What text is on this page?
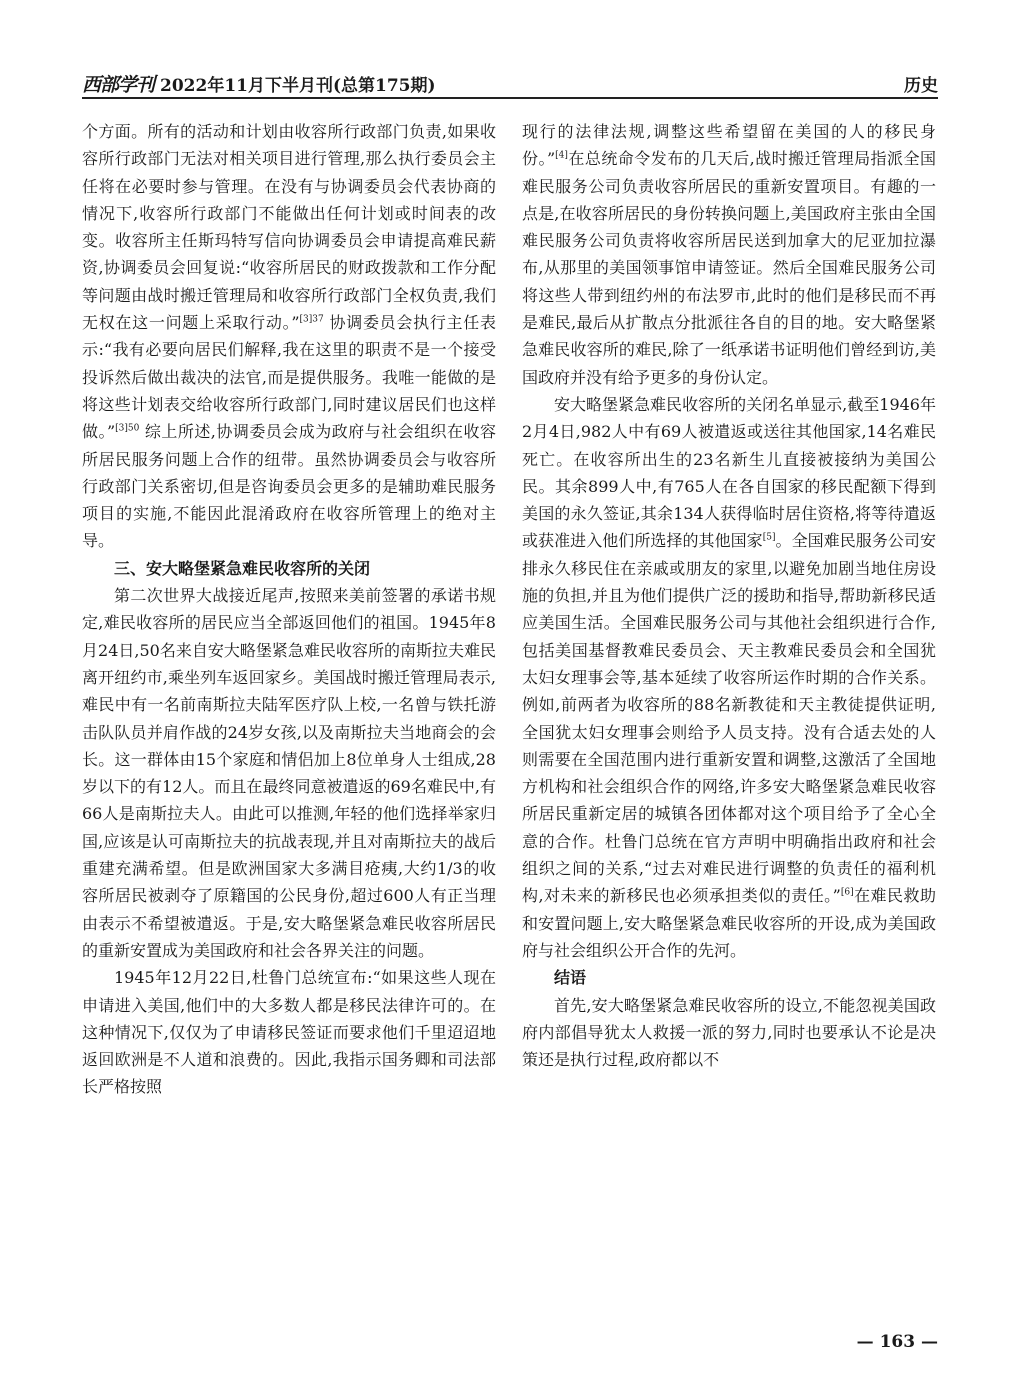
西部学刊 2022年11月下半月刊(总第175期)	历史

个方面。所有的活动和计划由收容所行政部门负责,如果收容所行政部门无法对相关项目进行管理,那么执行委员会主任将在必要时参与管理。在没有与协调委员会代表协商的情况下,收容所行政部门不能做出任何计划或时间表的改变。收容所主任斯玛特写信向协调委员会申请提高难民薪资,协调委员会回复说:“收容所居民的财政拨款和工作分配等问题由战时搬迁管理局和收容所行政部门全权负责,我们无权在这一问题上采取行动。”$^{[3]37}$ 协调委员会执行主任表示:“我有必要向居民们解释,我在这里的职责不是一个接受投诉然后做出裁决的法官,而是提供服务。我唯一能做的是将这些计划表交给收容所行政部门,同时建议居民们也这样做。”$^{[3]50}$ 综上所述,协调委员会成为政府与社会组织在收容所居民服务问题上合作的纽带。虽然协调委员会与收容所行政部门关系密切,但是咨询委员会更多的是辅助难民服务项目的实施,不能因此混淆政府在收容所管理上的绝对主导。

三、安大略堡紧急难民收容所的关闭

第二次世界大战接近尾声,按照来美前签署的承诺书规定,难民收容所的居民应当全部返回他们的祖国。1945年8月24日,50名来自安大略堡紧急难民收容所的南斯拉夫难民离开纽约市,乘坐列车返回家乡。美国战时搬迁管理局表示,难民中有一名前南斯拉夫陆军医疗队上校,一名曾与铁托游击队队员并肩作战的24岁女孩,以及南斯拉夫当地商会的会长。这一群体由15个家庭和情侣加上8位单身人士组成,28岁以下的有12人。而且在最终同意被遣返的69名难民中,有66人是南斯拉夫人。由此可以推测,年轻的他们选择举家归国,应该是认可南斯拉夫的抗战表现,并且对南斯拉夫的战后重建充满希望。但是欧洲国家大多满目疮痍,大约1/3的收容所居民被剥夺了原籍国的公民身份,超过600人有正当理由表示不希望被遣返。于是,安大略堡紧急难民收容所居民的重新安置成为美国政府和社会各界关注的问题。

1945年12月22日,杜鲁门总统宣布:“如果这些人现在申请进入美国,他们中的大多数人都是移民法律许可的。在这种情况下,仅仅为了申请移民签证而要求他们千里迢迢地返回欧洲是不人道和浪费的。因此,我指示国务卿和司法部长严格按照

现行的法律法规,调整这些希望留在美国的人的移民身份。”[4]在总统命令发布的几天后,战时搬迁管理局指派全国难民服务公司负责收容所居民的重新安置项目。有趣的一点是,在收容所居民的身份转换问题上,美国政府主张由全国难民服务公司负责将收容所居民送到加拿大的尼亚加拉瀑布,从那里的美国领事馆申请签证。然后全国难民服务公司将这些人带到纽约州的布法罗市,此时的他们是移民而不再是难民,最后从扩散点分批派往各自的目的地。安大略堡紧急难民收容所的难民,除了一纸承诺书证明他们曾经到访,美国政府并没有给予更多的身份认定。

安大略堡紧急难民收容所的关闭名单显示,截至1946年2月4日,982人中有69人被遣返或送往其他国家,14名难民死亡。在收容所出生的23名新生儿直接被接纳为美国公民。其余899人中,有765人在各自国家的移民配额下得到美国的永久签证,其余134人获得临时居住资格,将等待遣返或获准进入他们所选择的其他国家[5]。全国难民服务公司安排永久移民住在亲戚或朋友的家里,以避免加剧当地住房设施的负担,并且为他们提供广泛的援助和指导,帮助新移民适应美国生活。全国难民服务公司与其他社会组织进行合作,包括美国基督教难民委员会、天主教难民委员会和全国犹太妇女理事会等,基本延续了收容所运作时期的合作关系。例如,前两者为收容所的88名新教徒和天主教徒提供证明,全国犹太妇女理事会则给予人员支持。没有合适去处的人则需要在全国范围内进行重新安置和调整,这激活了全国地方机构和社会组织合作的网络,许多安大略堡紧急难民收容所居民重新定居的城镇各团体都对这个项目给予了全心全意的合作。杜鲁门总统在官方声明中明确指出政府和社会组织之间的关系,“过去对难民进行调整的负责任的福利机构,对未来的新移民也必须承担类似的责任。”[6]在难民救助和安置问题上,安大略堡紧急难民收容所的开设,成为美国政府与社会组织公开合作的先河。

结语

首先,安大略堡紧急难民收容所的设立,不能忽视美国政府内部倡导犹太人救援一派的努力,同时也要承认不论是决策还是执行过程,政府都以不

— 163 —
